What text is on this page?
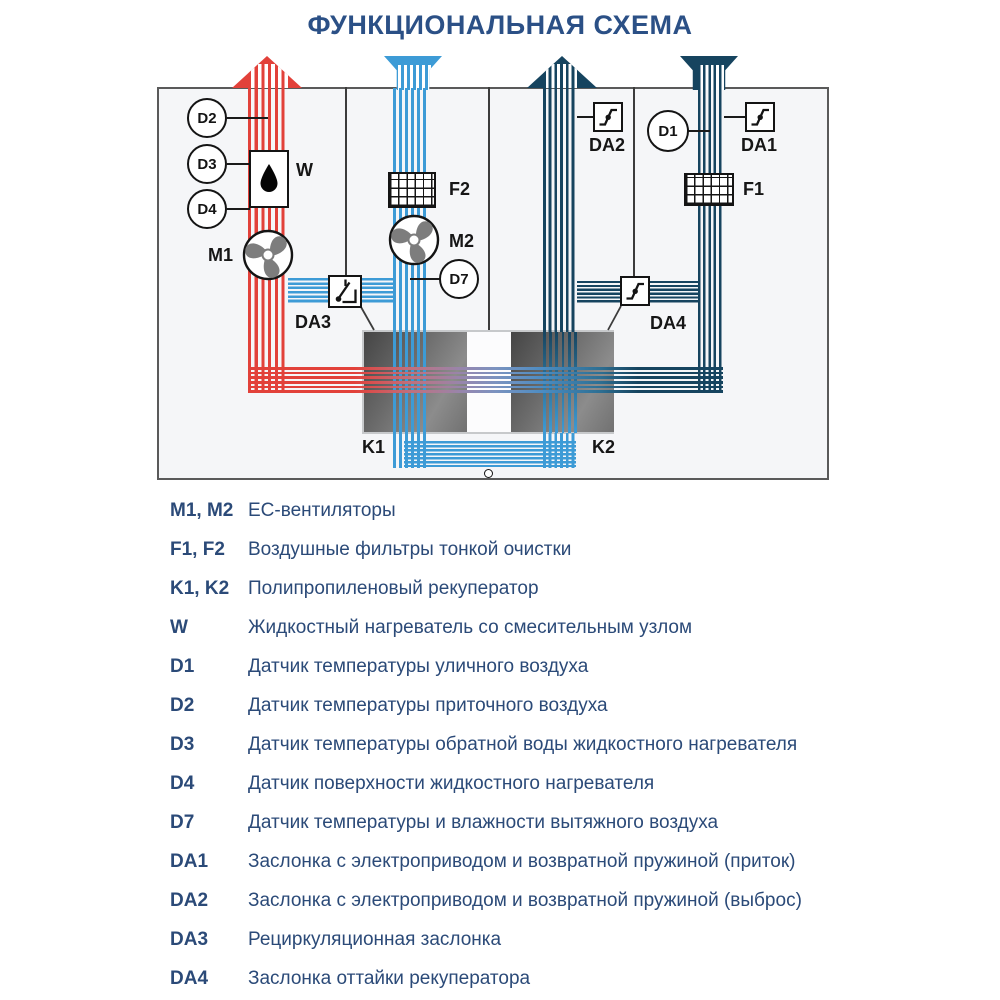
ФУНКЦИОНАЛЬНАЯ СХЕМА
D2
D3
D4
D7
D1
W
M1
F2
M2
F1
DA2	DA1
DA3	DA4
K1	K2
M1, M2 ЕС-вентиляторы
F1, F2 Воздушные фильтры тонкой очистки
K1, K2 Полипропиленовый рекуператор
W	Жидкостный нагреватель со смесительным узлом
D1	Датчик температуры уличного воздуха
D2	Датчик температуры приточного воздуха
D3	Датчик температуры обратной воды жидкостного нагревателя
D4	Датчик поверхности жидкостного нагревателя
D7	Датчик температуры и влажности вытяжного воздуха
DA1 Заслонка с электроприводом и возвратной пружиной (приток)
DA2 Заслонка с электроприводом и возвратной пружиной (выброс)
DA3 Рециркуляционная заслонка
DA4 Заслонка оттайки рекуператора
